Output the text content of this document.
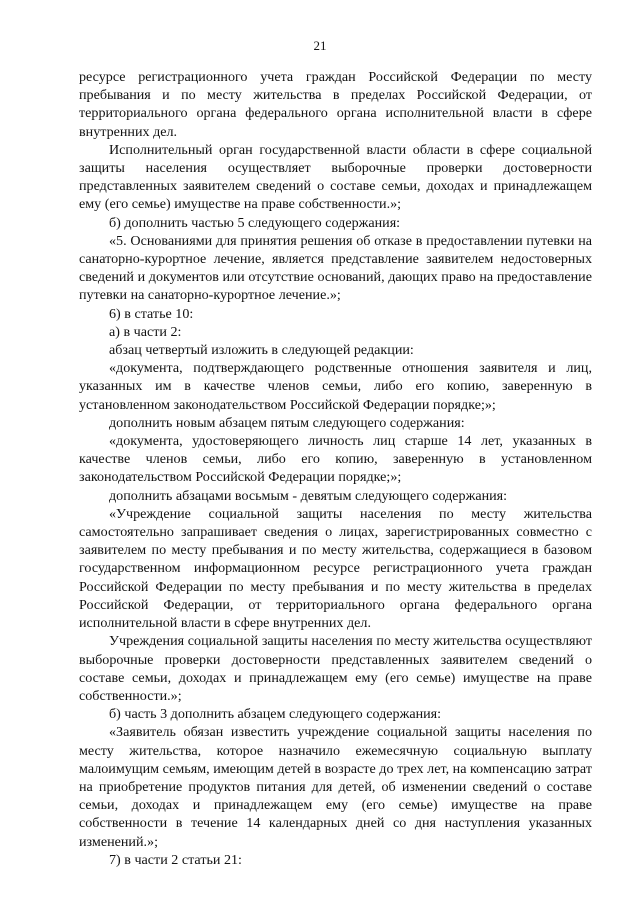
21

ресурсе регистрационного учета граждан Российской Федерации по месту пребывания и по месту жительства в пределах Российской Федерации, от территориального органа федерального органа исполнительной власти в сфере внутренних дел.

Исполнительный орган государственной власти области в сфере социальной защиты населения осуществляет выборочные проверки достоверности представленных заявителем сведений о составе семьи, доходах и принадлежащем ему (его семье) имуществе на праве собственности.»;

б) дополнить частью 5 следующего содержания:

«5. Основаниями для принятия решения об отказе в предоставлении путевки на санаторно-курортное лечение, является представление заявителем недостоверных сведений и документов или отсутствие оснований, дающих право на предоставление путевки на санаторно-курортное лечение.»;

6) в статье 10:

а) в части 2:

абзац четвертый изложить в следующей редакции:

«документа, подтверждающего родственные отношения заявителя и лиц, указанных им в качестве членов семьи, либо его копию, заверенную в установленном законодательством Российской Федерации порядке;»;

дополнить новым абзацем пятым следующего содержания:

«документа, удостоверяющего личность лиц старше 14 лет, указанных в качестве членов семьи, либо его копию, заверенную в установленном законодательством Российской Федерации порядке;»;

дополнить абзацами восьмым - девятым следующего содержания:

«Учреждение социальной защиты населения по месту жительства самостоятельно запрашивает сведения о лицах, зарегистрированных совместно с заявителем по месту пребывания и по месту жительства, содержащиеся в базовом государственном информационном ресурсе регистрационного учета граждан Российской Федерации по месту пребывания и по месту жительства в пределах Российской Федерации, от территориального органа федерального органа исполнительной власти в сфере внутренних дел.

Учреждения социальной защиты населения по месту жительства осуществляют выборочные проверки достоверности представленных заявителем сведений о составе семьи, доходах и принадлежащем ему (его семье) имуществе на праве собственности.»;

б) часть 3 дополнить абзацем следующего содержания:

«Заявитель обязан известить учреждение социальной защиты населения по месту жительства, которое назначило ежемесячную социальную выплату малоимущим семьям, имеющим детей в возрасте до трех лет, на компенсацию затрат на приобретение продуктов питания для детей, об изменении сведений о составе семьи, доходах и принадлежащем ему (его семье) имуществе на праве собственности в течение 14 календарных дней со дня наступления указанных изменений.»;

7) в части 2 статьи 21:
